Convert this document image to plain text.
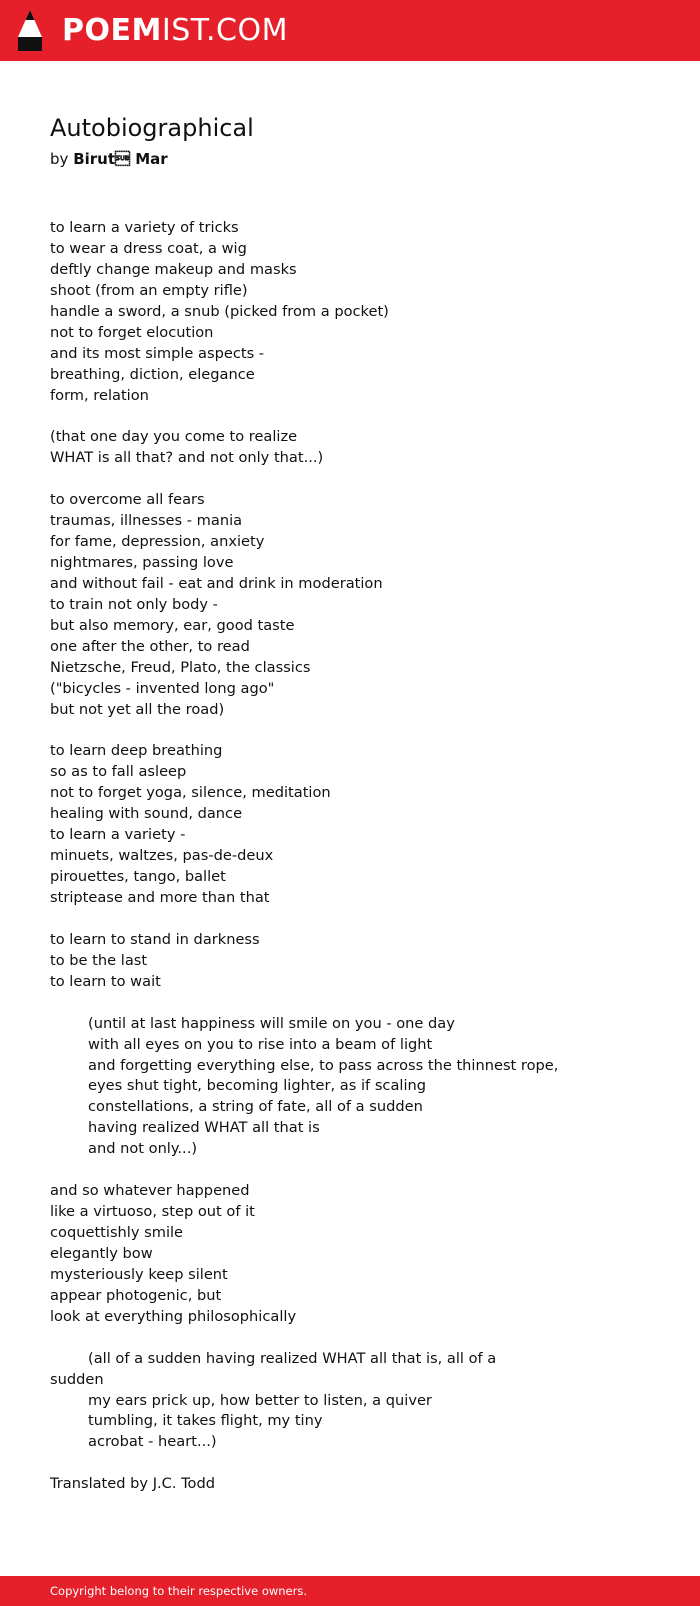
POEMIST.COM
Autobiographical
by Birut Mar
to learn a variety of tricks
to wear a dress coat, a wig
deftly change makeup and masks
shoot (from an empty rifle)
handle a sword, a snub (picked from a pocket)
not to forget elocution
and its most simple aspects -
breathing, diction, elegance
form, relation
(that one day you come to realize
WHAT is all that? and not only that...)
to overcome all fears
traumas, illnesses - mania
for fame, depression, anxiety
nightmares, passing love
and without fail - eat and drink in moderation
to train not only body -
but also memory, ear, good taste
one after the other, to read
Nietzsche, Freud, Plato, the classics
("bicycles - invented long ago"
but not yet all the road)
to learn deep breathing
so as to fall asleep
not to forget yoga, silence, meditation
healing with sound, dance
to learn a variety -
minuets, waltzes, pas-de-deux
pirouettes, tango, ballet
striptease and more than that
to learn to stand in darkness
to be the last
to learn to wait
(until at last happiness will smile on you - one day
with all eyes on you to rise into a beam of light
and forgetting everything else, to pass across the thinnest rope,
eyes shut tight, becoming lighter, as if scaling
constellations, a string of fate, all of a sudden
having realized WHAT all that is
and not only...)
and so whatever happened
like a virtuoso, step out of it
coquettishly smile
elegantly bow
mysteriously keep silent
appear photogenic, but
look at everything philosophically
(all of a sudden having realized WHAT all that is, all of a
sudden
my ears prick up, how better to listen, a quiver
tumbling, it takes flight, my tiny
acrobat - heart...)
Translated by J.C. Todd
Copyright belong to their respective owners.
